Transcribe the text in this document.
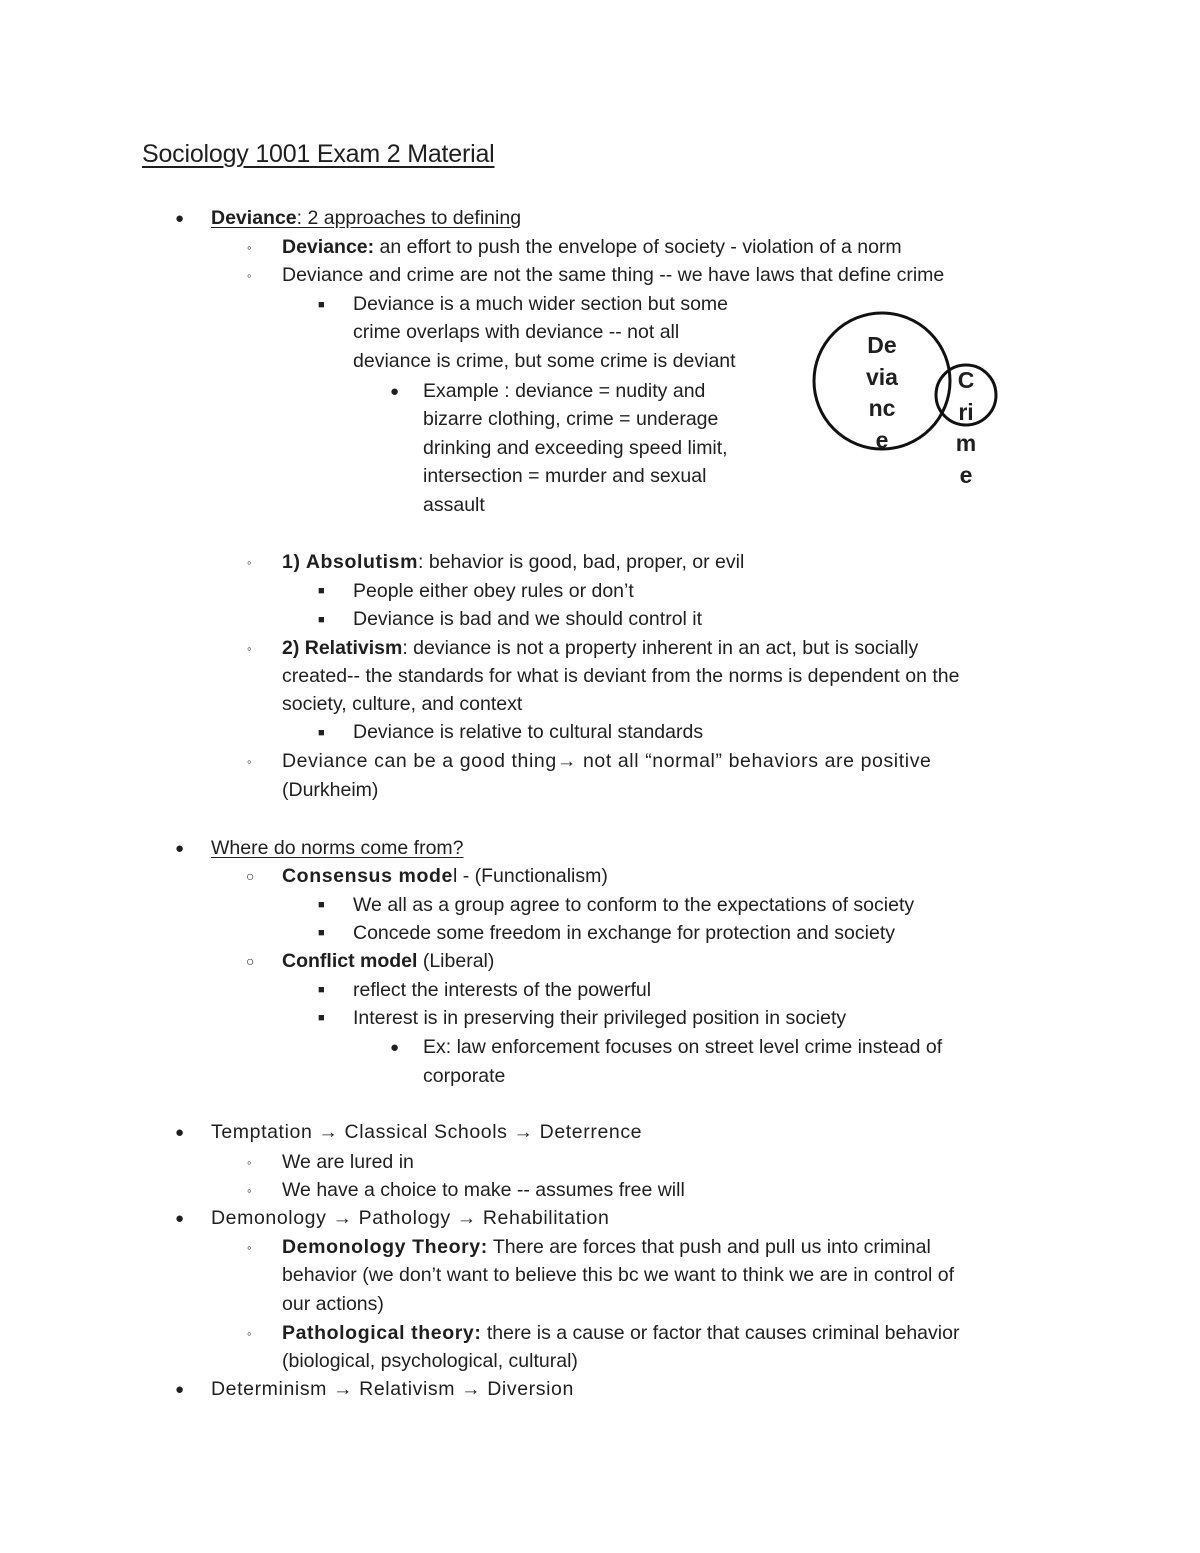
Sociology 1001 Exam 2 Material
● Deviance: 2 approaches to defining
◦ Deviance: an effort to push the envelope of society - violation of a norm
◦ Deviance and crime are not the same thing -- we have laws that define crime
■ Deviance is a much wider section but some
crime overlaps with deviance -- not all
deviance is crime, but some crime is deviant
● Example : deviance = nudity and
bizarre clothing, crime = underage
drinking and exceeding speed limit,
intersection = murder and sexual
assault
De
via
nc
e
C
ri
m
e
◦ 1) Absolutism: behavior is good, bad, proper, or evil
■ People either obey rules or don’t
■ Deviance is bad and we should control it
◦ 2) Relativism: deviance is not a property inherent in an act, but is socially
created-- the standards for what is deviant from the norms is dependent on the
society, culture, and context
■ Deviance is relative to cultural standards
◦ Deviance can be a good thing→ not all “normal” behaviors are positive
(Durkheim)
● Where do norms come from?
○ Consensus model - (Functionalism)
■ We all as a group agree to conform to the expectations of society
■ Concede some freedom in exchange for protection and society
○ Conflict model (Liberal)
■ reflect the interests of the powerful
■ Interest is in preserving their privileged position in society
● Ex: law enforcement focuses on street level crime instead of
corporate
● Temptation → Classical Schools → Deterrence
◦ We are lured in
◦ We have a choice to make -- assumes free will
● Demonology → Pathology → Rehabilitation
◦ Demonology Theory: There are forces that push and pull us into criminal
behavior (we don’t want to believe this bc we want to think we are in control of
our actions)
◦ Pathological theory: there is a cause or factor that causes criminal behavior
(biological, psychological, cultural)
● Determinism → Relativism → Diversion
